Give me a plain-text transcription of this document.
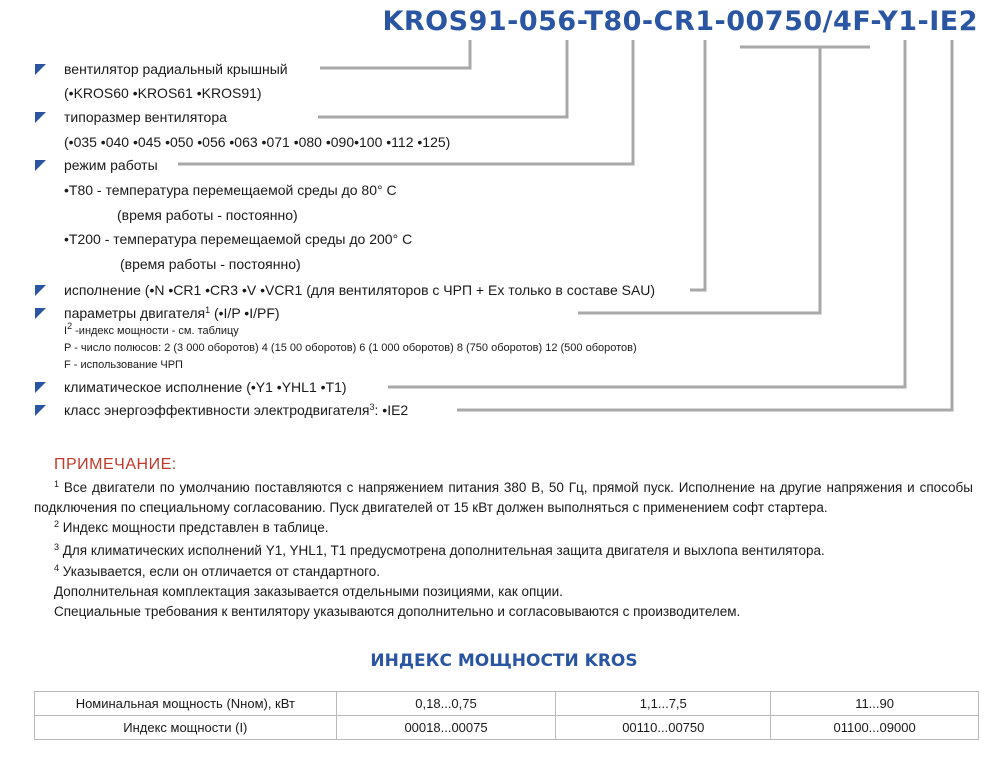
KROS91-056-T80-CR1-00750/4F-Y1-IE2
вентилятор радиальный крышный
(•KROS60 •KROS61 •KROS91)
типоразмер вентилятора
(•035 •040 •045 •050 •056 •063 •071 •080 •090•100 •112 •125)
режим работы
•T80 - температура перемещаемой среды до 80° C
(время работы - постоянно)
•T200 - температура перемещаемой среды до 200° C
(время работы - постоянно)
исполнение (•N •CR1 •CR3 •V •VCR1 (для вентиляторов с ЧРП + Ex только в составе SAU)
параметры двигателя$^1$ (•I/P •I/PF)
$I^2$ -индекс мощности - см. таблицу
P - число полюсов: 2 (3 000 оборотов) 4 (15 00 оборотов) 6 (1 000 оборотов) 8 (750 оборотов) 12 (500 оборотов)
F - использование ЧРП
климатическое исполнение (•Y1 •YHL1 •T1)
класс энергоэффективности электродвигателя$^3$: •IE2
ПРИМЕЧАНИЕ:
$^1$ Все двигатели по умолчанию поставляются с напряжением питания 380 В, 50 Гц, прямой пуск. Исполнение на другие напряжения и способы подключения по специальному согласованию. Пуск двигателей от 15 кВт должен выполняться с применением софт стартера.
$^2$ Индекс мощности представлен в таблице.
$^3$ Для климатических исполнений Y1, YHL1, T1 предусмотрена дополнительная защита двигателя и выхлопа вентилятора.
$^4$ Указывается, если он отличается от стандартного.
Дополнительная комплектация заказывается отдельными позициями, как опции.
Специальные требования к вентилятору указываются дополнительно и согласовываются с производителем.
ИНДЕКС МОЩНОСТИ KROS
Номинальная мощность (Nном), кВт	0,18...0,75	1,1...7,5	11...90
Индекс мощности (I)	00018...00075	00110...00750	01100...09000
